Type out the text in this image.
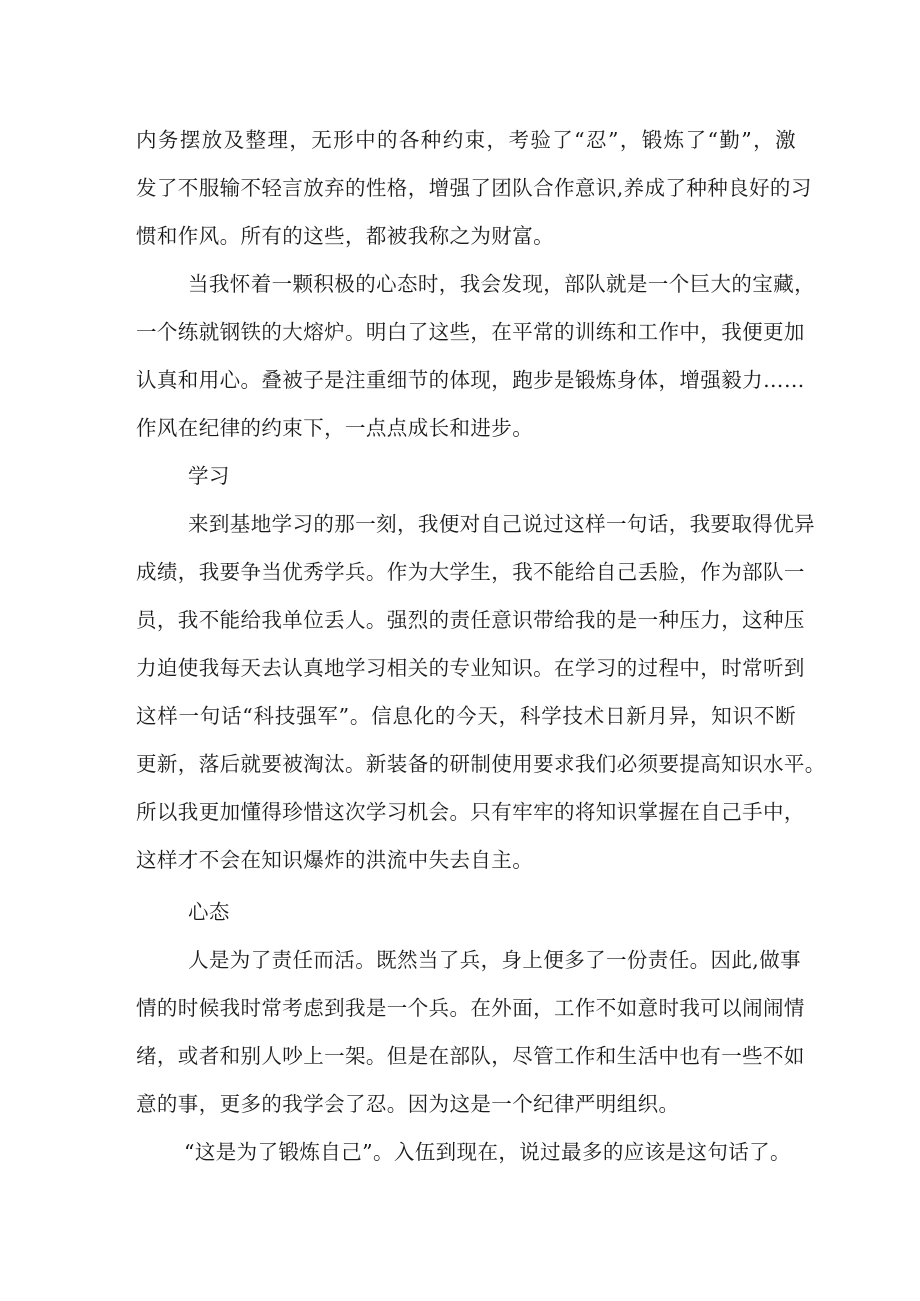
内务摆放及整理，无形中的各种约束，考验了“忍”，锻炼了“勤”，激
发了不服输不轻言放弃的性格，增强了团队合作意识,养成了种种良好的习
惯和作风。所有的这些，都被我称之为财富。
当我怀着一颗积极的心态时，我会发现，部队就是一个巨大的宝藏，
一个练就钢铁的大熔炉。明白了这些，在平常的训练和工作中，我便更加
认真和用心。叠被子是注重细节的体现，跑步是锻炼身体，增强毅力……
作风在纪律的约束下，一点点成长和进步。
学习
来到基地学习的那一刻，我便对自己说过这样一句话，我要取得优异
成绩，我要争当优秀学兵。作为大学生，我不能给自己丢脸，作为部队一
员，我不能给我单位丢人。强烈的责任意识带给我的是一种压力，这种压
力迫使我每天去认真地学习相关的专业知识。在学习的过程中，时常听到
这样一句话“科技强军”。信息化的今天，科学技术日新月异，知识不断
更新，落后就要被淘汰。新装备的研制使用要求我们必须要提高知识水平。
所以我更加懂得珍惜这次学习机会。只有牢牢的将知识掌握在自己手中，
这样才不会在知识爆炸的洪流中失去自主。
心态
人是为了责任而活。既然当了兵，身上便多了一份责任。因此,做事
情的时候我时常考虑到我是一个兵。在外面，工作不如意时我可以闹闹情
绪，或者和别人吵上一架。但是在部队，尽管工作和生活中也有一些不如
意的事，更多的我学会了忍。因为这是一个纪律严明组织。
“这是为了锻炼自己”。入伍到现在，说过最多的应该是这句话了。
